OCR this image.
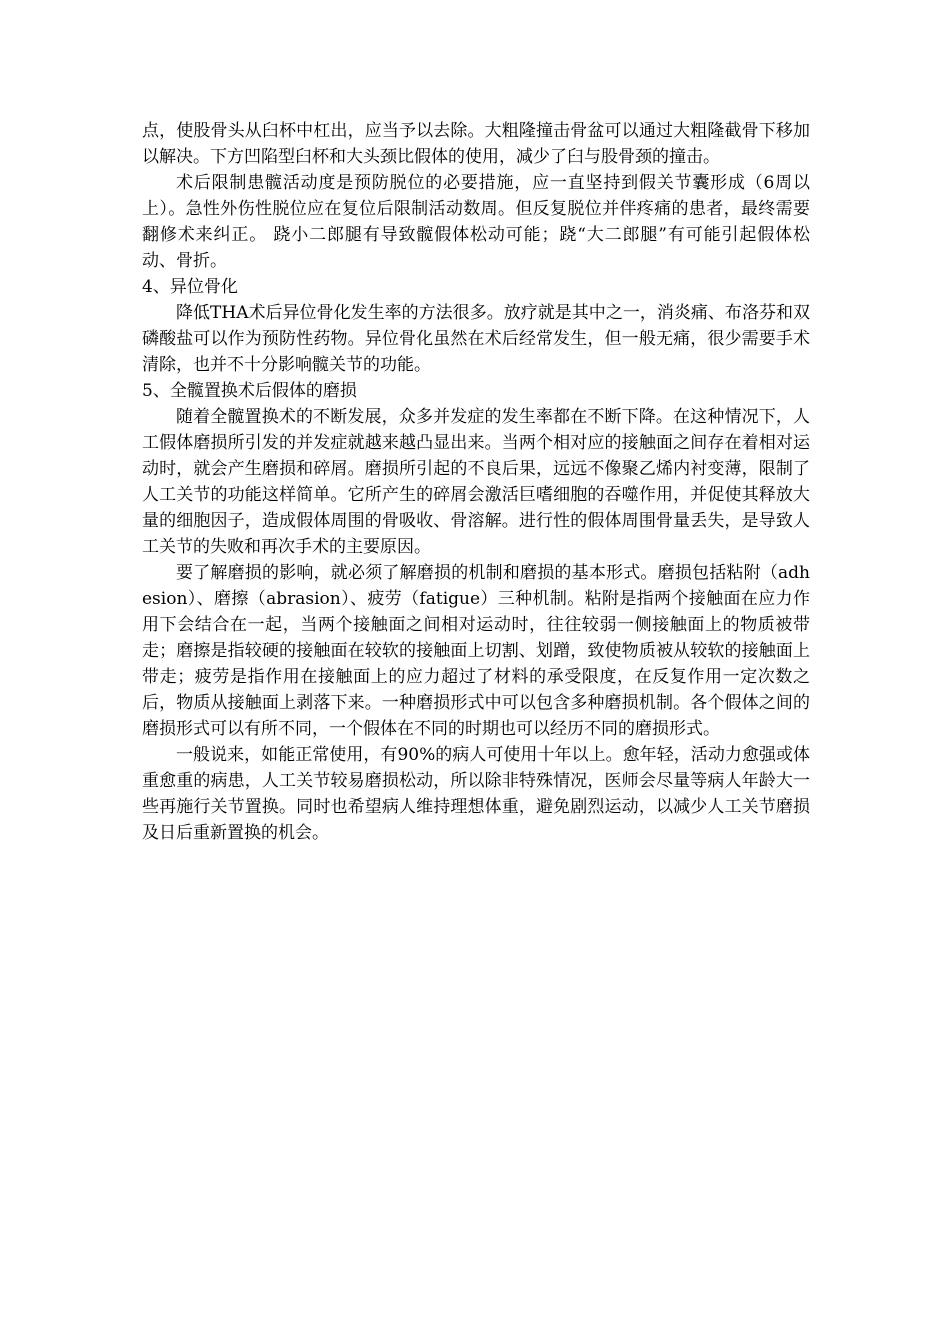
点，使股骨头从臼杯中杠出，应当予以去除。大粗隆撞击骨盆可以通过大粗隆截骨下移加以解决。下方凹陷型臼杯和大头颈比假体的使用，减少了臼与股骨颈的撞击。

术后限制患髋活动度是预防脱位的必要措施，应一直坚持到假关节囊形成（6周以上）。急性外伤性脱位应在复位后限制活动数周。但反复脱位并伴疼痛的患者，最终需要翻修术来纠正。 跷小二郎腿有导致髋假体松动可能；跷“大二郎腿”有可能引起假体松动、骨折。

4、异位骨化

降低THA术后异位骨化发生率的方法很多。放疗就是其中之一，消炎痛、布洛芬和双磷酸盐可以作为预防性药物。异位骨化虽然在术后经常发生，但一般无痛，很少需要手术清除，也并不十分影响髋关节的功能。

5、全髋置换术后假体的磨损

随着全髋置换术的不断发展，众多并发症的发生率都在不断下降。在这种情况下，人工假体磨损所引发的并发症就越来越凸显出来。当两个相对应的接触面之间存在着相对运动时，就会产生磨损和碎屑。磨损所引起的不良后果，远远不像聚乙烯内衬变薄，限制了人工关节的功能这样简单。它所产生的碎屑会激活巨嗜细胞的吞噬作用，并促使其释放大量的细胞因子，造成假体周围的骨吸收、骨溶解。进行性的假体周围骨量丢失，是导致人工关节的失败和再次手术的主要原因。

要了解磨损的影响，就必须了解磨损的机制和磨损的基本形式。磨损包括粘附（adhesion）、磨擦（abrasion）、疲劳（fatigue）三种机制。粘附是指两个接触面在应力作用下会结合在一起，当两个接触面之间相对运动时，往往较弱一侧接触面上的物质被带走；磨擦是指较硬的接触面在较软的接触面上切割、划蹭，致使物质被从较软的接触面上带走；疲劳是指作用在接触面上的应力超过了材料的承受限度，在反复作用一定次数之后，物质从接触面上剥落下来。一种磨损形式中可以包含多种磨损机制。各个假体之间的磨损形式可以有所不同，一个假体在不同的时期也可以经历不同的磨损形式。

一般说来，如能正常使用，有90%的病人可使用十年以上。愈年轻，活动力愈强或体重愈重的病患，人工关节较易磨损松动，所以除非特殊情况，医师会尽量等病人年龄大一些再施行关节置换。同时也希望病人维持理想体重，避免剧烈运动，以减少人工关节磨损及日后重新置换的机会。
